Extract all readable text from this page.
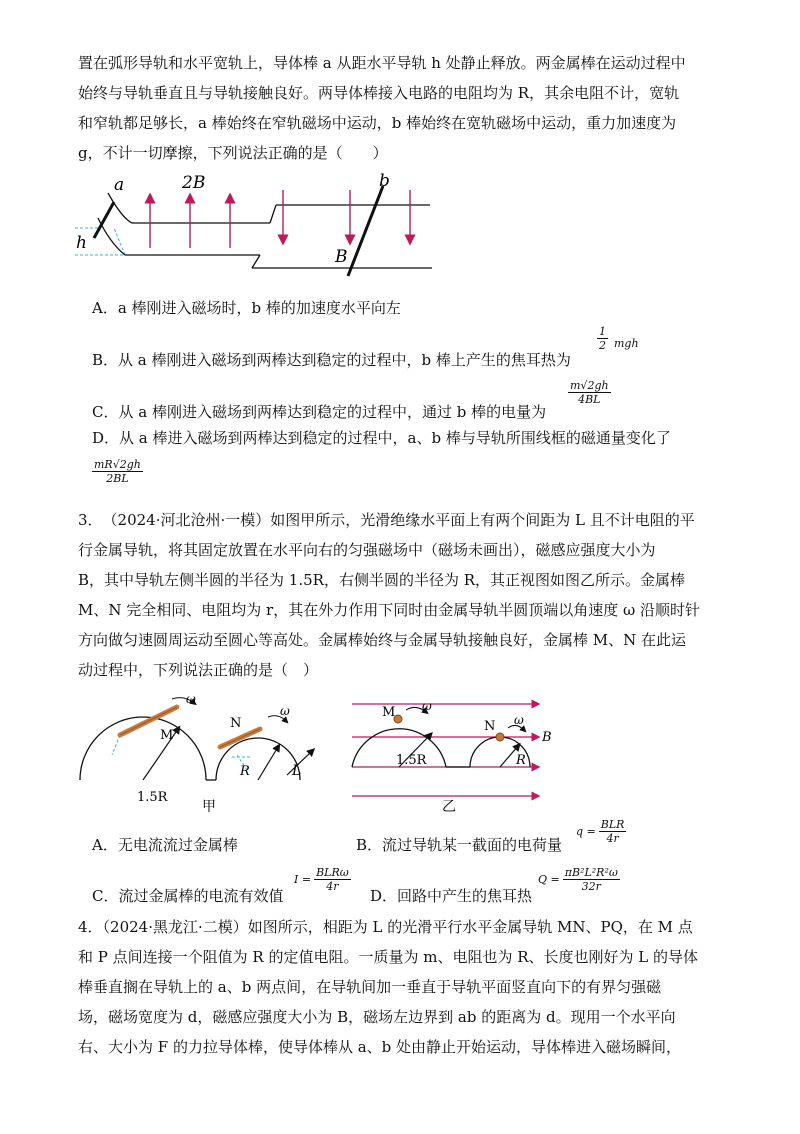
置在弧形导轨和水平宽轨上，导体棒 a 从距水平导轨 h 处静止释放。两金属棒在运动过程中
始终与导轨垂直且与导轨接触良好。两导体棒接入电路的电阻均为 R，其余电阻不计，宽轨
和窄轨都足够长，a 棒始终在窄轨磁场中运动，b 棒始终在宽轨磁场中运动，重力加速度为
g，不计一切摩擦，下列说法正确的是（　　）
a	2B	b
B
h
A．a 棒刚进入磁场时，b 棒的加速度水平向左
B．从 a 棒刚进入磁场到两棒达到稳定的过程中，b 棒上产生的焦耳热为
$\frac{1}{2}$ mgh
C．从 a 棒刚进入磁场到两棒达到稳定的过程中，通过 b 棒的电量为
$\frac{m√2gh}{4BL}$
D．从 a 棒进入磁场到两棒达到稳定的过程中，a、b 棒与导轨所围线框的磁通量变化了
$\frac{mR√2gh}{2BL}$
3．　（2024·河北沧州·一模）如图甲所示，光滑绝缘水平面上有两个间距为 L 且不计电阻的平
行金属导轨，将其固定放置在水平向右的匀强磁场中（磁场未画出），磁感应强度大小为
B，其中导轨左侧半圆的半径为 1.5R，右侧半圆的半径为 R，其正视图如图乙所示。金属棒
M、N 完全相同、电阻均为 r，其在外力作用下同时由金属导轨半圆顶端以角速度 ω 沿顺时针
方向做匀速圆周运动至圆心等高处。金属棒始终与金属导轨接触良好，金属棒 M、N 在此运
动过程中，下列说法正确的是（　）
ω
ω
M
N
1.5R
R	L
甲
M ω
N ω
B
1.5R	R
乙
A．无电流流过金属棒	B．流过导轨某一截面的电荷量
$q = \frac{\text{BLR}}{4r}$
C．流过金属棒的电流有效值
$I = \frac{\text{BLRω}}{4r}$
D．回路中产生的焦耳热
$Q = \frac{\text{πB²L²R²ω}}{32r}$
4．（2024·黑龙江·二模）如图所示，相距为 L 的光滑平行水平金属导轨 MN、PQ，在 M 点
和 P 点间连接一个阻值为 R 的定值电阻。一质量为 m、电阻也为 R、长度也刚好为 L 的导体
棒垂直搁在导轨上的 a、b 两点间，在导轨间加一垂直于导轨平面竖直向下的有界匀强磁
场，磁场宽度为 d，磁感应强度大小为 B，磁场左边界到 ab 的距离为 d。现用一个水平向
右、大小为 F 的力拉导体棒，使导体棒从 a、b 处由静止开始运动，导体棒进入磁场瞬间，
